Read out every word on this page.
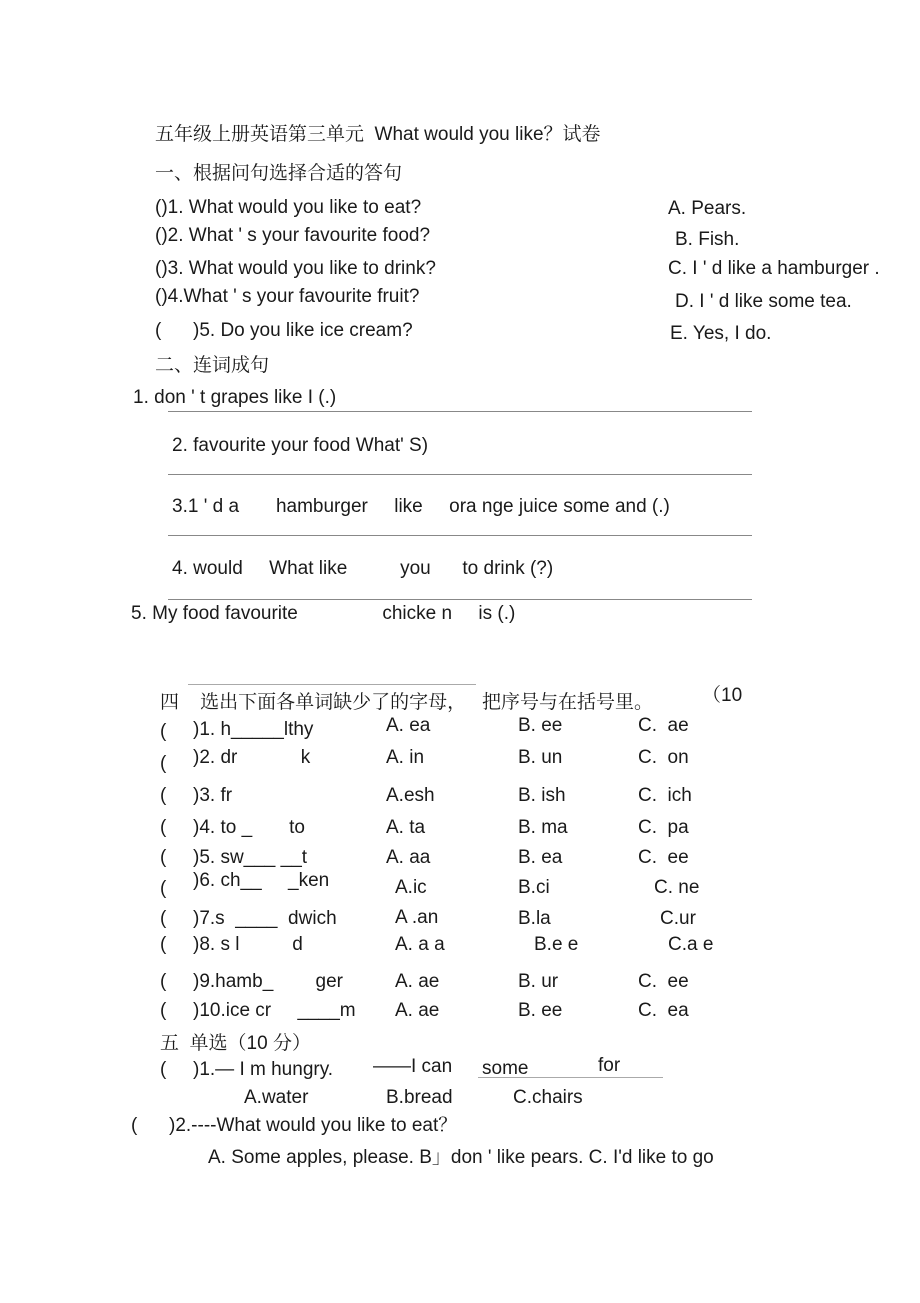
五年级上册英语第三单元  What would you like？试卷
一、根据问句选择合适的答句
()1. What would you like to eat?
()2. What ' s your favourite food?
()3. What would you like to drink?
()4.What ' s your favourite fruit?
(      )5. Do you like ice cream?
A. Pears.
B. Fish.
C. I ' d like a hamburger .
D. I ' d like some tea.
E. Yes, I do.
二、连词成句
1. don ' t grapes like I (.)
2. favourite your food What' S)
3.1 ' d a       hamburger     like     ora nge juice some and (.)
4. would     What like          you      to drink (?)
5. My food favourite                chicke n     is (.)
四    选出下面各单词缺少了的字母，   把序号与在括号里。	（10
( )1. h_____lthy	A. ea	B. ee	C.  ae
( )2. dr            k	A. in	B. un	C.  on
( )3. fr	A.esh	B. ish	C.  ich
( )4. to _       to	A. ta	B. ma	C.  pa
( )5. sw___ __t	A. aa	B. ea	C.  ee
( )6. ch__     _ken	A.ic	B.ci	C. ne
( )7.s  ____  dwich	A .an	B.la	C.ur
( )8. s l          d	A. a a	B.e e	C.a e
( )9.hamb_        ger	A. ae	B. ur	C.  ee
( )10.ice cr     ____m A. ae	B. ee	C.  ea
五  单选（10 分）
( )1.— I m hungry. ——I can some	for
A.water	B.bread	C.chairs
(      )2.----What would you like to eat？
A. Some apples, please. B」don ' like pears. C. I'd like to go
